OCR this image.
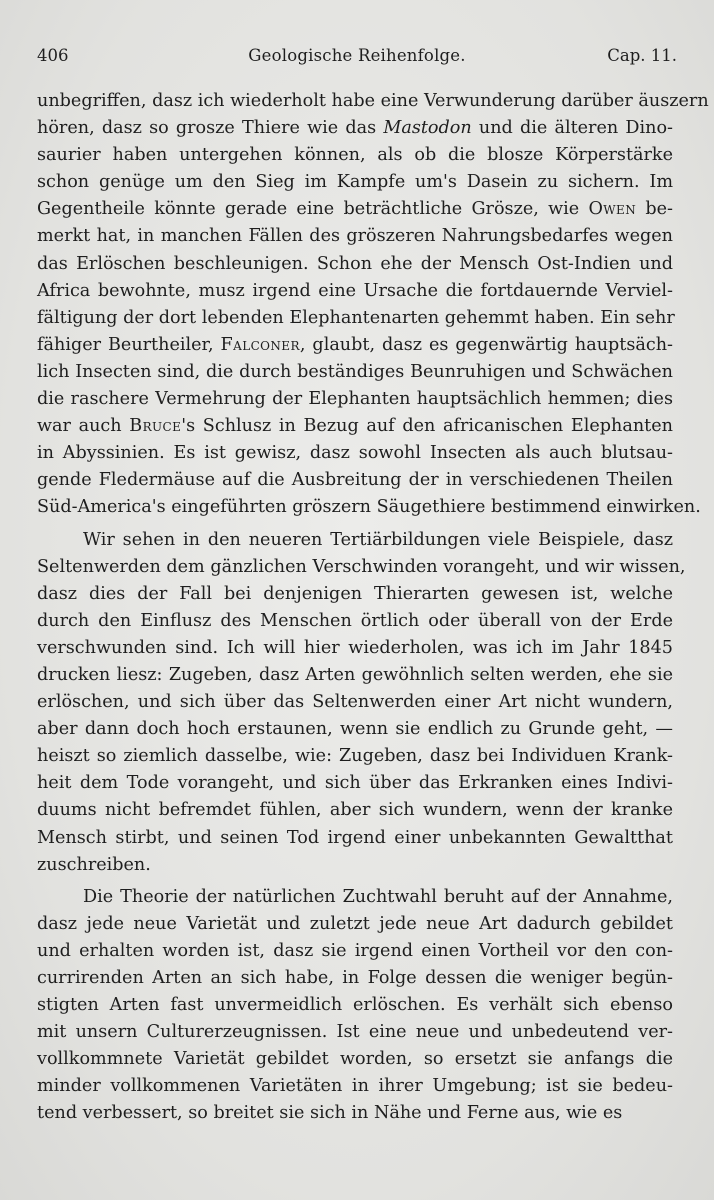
406	Geologische Reihenfolge.	Cap. 11.
unbegriffen, dasz ich wiederholt habe eine Verwunderung darüber äuszern
hören, dasz so grosze Thiere wie das Mastodon und die älteren Dino-
saurier haben untergehen können, als ob die blosze Körperstärke
schon genüge um den Sieg im Kampfe um's Dasein zu sichern. Im
Gegentheile könnte gerade eine beträchtliche Grösze, wie Owen be-
merkt hat, in manchen Fällen des gröszeren Nahrungsbedarfes wegen
das Erlöschen beschleunigen. Schon ehe der Mensch Ost-Indien und
Africa bewohnte, musz irgend eine Ursache die fortdauernde Verviel-
fältigung der dort lebenden Elephantenarten gehemmt haben. Ein sehr
fähiger Beurtheiler, Falconer, glaubt, dasz es gegenwärtig hauptsäch-
lich Insecten sind, die durch beständiges Beunruhigen und Schwächen
die raschere Vermehrung der Elephanten hauptsächlich hemmen; dies
war auch Bruce's Schlusz in Bezug auf den africanischen Elephanten
in Abyssinien. Es ist gewisz, dasz sowohl Insecten als auch blutsau-
gende Fledermäuse auf die Ausbreitung der in verschiedenen Theilen
Süd-America's eingeführten gröszern Säugethiere bestimmend einwirken.
Wir sehen in den neueren Tertiärbildungen viele Beispiele, dasz
Seltenwerden dem gänzlichen Verschwinden vorangeht, und wir wissen,
dasz dies der Fall bei denjenigen Thierarten gewesen ist, welche
durch den Einflusz des Menschen örtlich oder überall von der Erde
verschwunden sind. Ich will hier wiederholen, was ich im Jahr 1845
drucken liesz: Zugeben, dasz Arten gewöhnlich selten werden, ehe sie
erlöschen, und sich über das Seltenwerden einer Art nicht wundern,
aber dann doch hoch erstaunen, wenn sie endlich zu Grunde geht, —
heiszt so ziemlich dasselbe, wie: Zugeben, dasz bei Individuen Krank-
heit dem Tode vorangeht, und sich über das Erkranken eines Indivi-
duums nicht befremdet fühlen, aber sich wundern, wenn der kranke
Mensch stirbt, und seinen Tod irgend einer unbekannten Gewaltthat
zuschreiben.
Die Theorie der natürlichen Zuchtwahl beruht auf der Annahme,
dasz jede neue Varietät und zuletzt jede neue Art dadurch gebildet
und erhalten worden ist, dasz sie irgend einen Vortheil vor den con-
currirenden Arten an sich habe, in Folge dessen die weniger begün-
stigten Arten fast unvermeidlich erlöschen. Es verhält sich ebenso
mit unsern Culturerzeugnissen. Ist eine neue und unbedeutend ver-
vollkommnete Varietät gebildet worden, so ersetzt sie anfangs die
minder vollkommenen Varietäten in ihrer Umgebung; ist sie bedeu-
tend verbessert, so breitet sie sich in Nähe und Ferne aus, wie es
